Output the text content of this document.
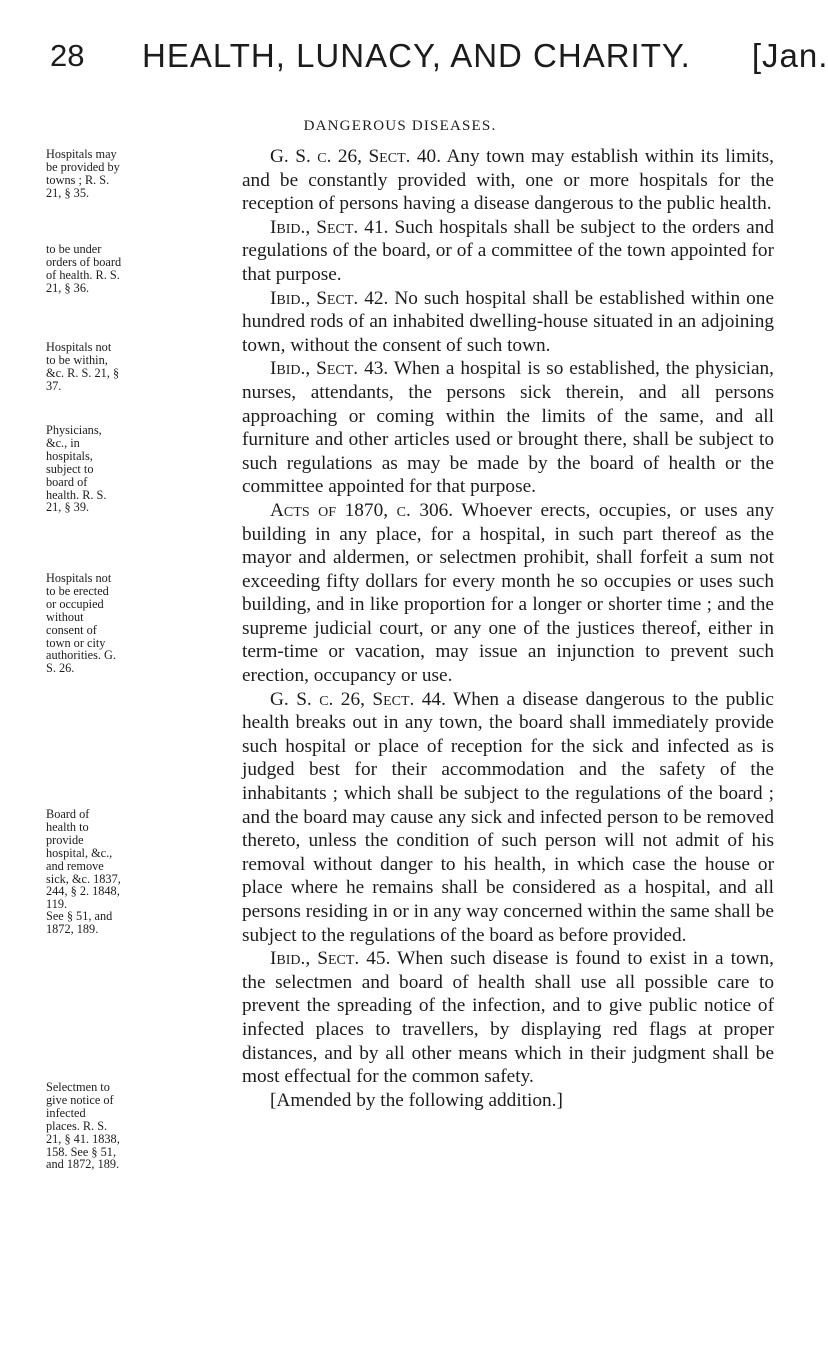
28 HEALTH, LUNACY, AND CHARITY. [Jan.
DANGEROUS DISEASES.

G. S. c. 26, Sect. 40. Any town may establish within its limits, and be constantly provided with, one or more hospitals for the reception of persons having a disease dangerous to the public health.

Ibid., Sect. 41. Such hospitals shall be subject to the orders and regulations of the board, or of a committee of the town appointed for that purpose.

Ibid., Sect. 42. No such hospital shall be established within one hundred rods of an inhabited dwelling-house situated in an adjoining town, without the consent of such town.

Ibid., Sect. 43. When a hospital is so established, the physician, nurses, attendants, the persons sick therein, and all persons approaching or coming within the limits of the same, and all furniture and other articles used or brought there, shall be subject to such regulations as may be made by the board of health or the committee appointed for that purpose.

Acts of 1870, c. 306. Whoever erects, occupies, or uses any building in any place, for a hospital, in such part thereof as the mayor and aldermen, or selectmen prohibit, shall forfeit a sum not exceeding fifty dollars for every month he so occupies or uses such building, and in like proportion for a longer or shorter time ; and the supreme judicial court, or any one of the justices thereof, either in term-time or vacation, may issue an injunction to prevent such erection, occupancy or use.

G. S. c. 26, Sect. 44. When a disease dangerous to the public health breaks out in any town, the board shall immediately provide such hospital or place of reception for the sick and infected as is judged best for their accommodation and the safety of the inhabitants ; which shall be subject to the regulations of the board ; and the board may cause any sick and infected person to be removed thereto, unless the condition of such person will not admit of his removal without danger to his health, in which case the house or place where he remains shall be considered as a hospital, and all persons residing in or in any way concerned within the same shall be subject to the regulations of the board as before provided.

Ibid., Sect. 45. When such disease is found to exist in a town, the selectmen and board of health shall use all possible care to prevent the spreading of the infection, and to give public notice of infected places to travellers, by displaying red flags at proper distances, and by all other means which in their judgment shall be most effectual for the common safety.

[Amended by the following addition.]

Hospitals may be provided by towns ; R. S. 21, § 35.
to be under orders of board of health. R. S. 21, § 36.
Hospitals not to be within, &c. R. S. 21, § 37.
Physicians, &c., in hospitals, subject to board of health. R. S. 21, § 39.
Hospitals not to be erected or occupied without consent of town or city authorities. G. S. 26.
Board of health to provide hospital, &c., and remove sick, &c. 1837, 244, § 2. 1848, 119.
See § 51, and 1872, 189.
Selectmen to give notice of infected places. R. S. 21, § 41. 1838, 158. See § 51, and 1872, 189.
